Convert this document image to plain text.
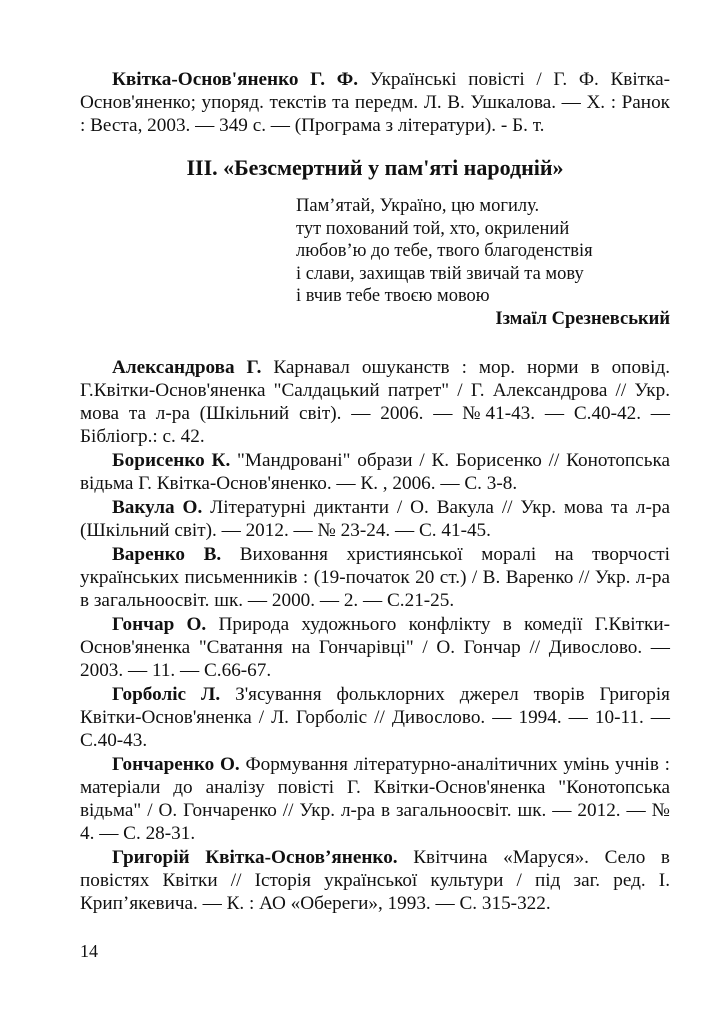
Квітка-Основ'яненко Г. Ф. Українські повісті / Г. Ф. Квітка-Основ'яненко; упоряд. текстів та передм. Л. В. Ушкалова. — Х. : Ранок : Веста, 2003. — 349 с. — (Програма з літератури). - Б. т.

ІІІ. «Безсмертний у пам'яті народній»
Пам’ятай, Україно, цю могилу.
тут похований той, хто, окрилений
любов’ю до тебе, твого благоденствія
і слави, захищав твій звичай та мову
і вчив тебе твоєю мовою
Ізмаїл Срезневський

Александрова Г. Карнавал ошуканств : мор. норми в оповід. Г.Квітки-Основ'яненка "Салдацький патрет" / Г. Александрова // Укр. мова та л-ра (Шкільний світ). — 2006. — №41-43. — С.40-42. — Бібліогр.: с. 42.

Борисенко К. "Мандровані" образи / К. Борисенко // Конотопська відьма Г. Квітка-Основ'яненко. — К. , 2006. — С. 3-8.

Вакула О. Літературні диктанти / О. Вакула // Укр. мова та л-ра (Шкільний світ). — 2012. — № 23-24. — С. 41-45.

Варенко В. Виховання християнської моралі на творчості українських письменників : (19-початок 20 ст.) / В. Варенко // Укр. л-ра в загальноосвіт. шк. — 2000. — 2. — С.21-25.

Гончар О. Природа художнього конфлікту в комедії Г.Квітки-Основ'яненка "Сватання на Гончарівці" / О. Гончар // Дивослово. — 2003. — 11. — С.66-67.

Горболіс Л. З'ясування фольклорних джерел творів Григорія Квітки-Основ'яненка / Л. Горболіс // Дивослово. — 1994. — 10-11. — С.40-43.

Гончаренко О. Формування літературно-аналітичних умінь учнів : матеріали до аналізу повісті Г. Квітки-Основ'яненка "Конотопська відьма" / О. Гончаренко // Укр. л-ра в загальноосвіт. шк. — 2012. — № 4. — С. 28-31.

Григорій Квітка-Основ’яненко. Квітчина «Маруся». Село в повістях Квітки // Історія української культури / під заг. ред. І. Крип’якевича. — К. : АО «Обереги», 1993. — С. 315-322.

14
